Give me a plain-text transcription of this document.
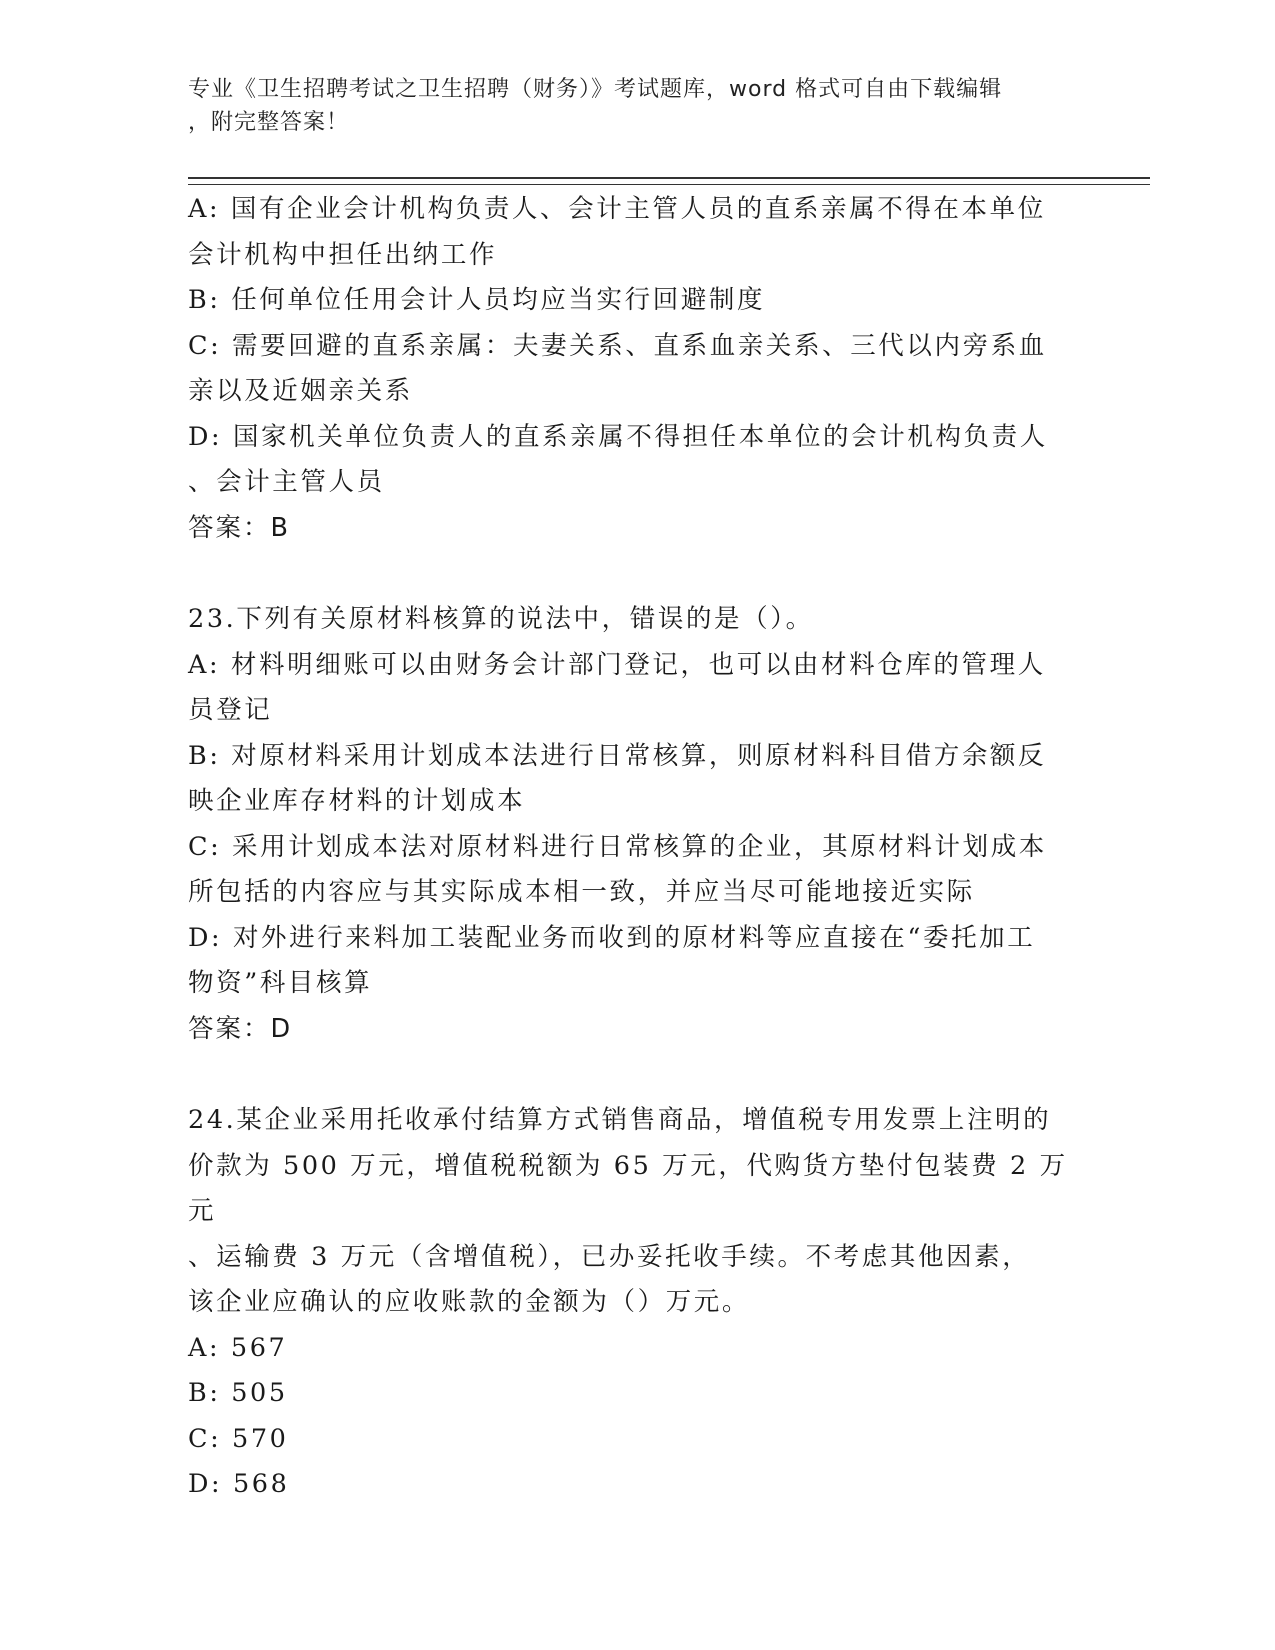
专业《卫生招聘考试之卫生招聘（财务）》考试题库，word 格式可自由下载编辑
，附完整答案！
A: 国有企业会计机构负责人、会计主管人员的直系亲属不得在本单位
会计机构中担任出纳工作
B: 任何单位任用会计人员均应当实行回避制度
C: 需要回避的直系亲属：夫妻关系、直系血亲关系、三代以内旁系血
亲以及近姻亲关系
D: 国家机关单位负责人的直系亲属不得担任本单位的会计机构负责人
、会计主管人员
答案：B
23.下列有关原材料核算的说法中，错误的是（）。
A: 材料明细账可以由财务会计部门登记，也可以由材料仓库的管理人
员登记
B: 对原材料采用计划成本法进行日常核算，则原材料科目借方余额反
映企业库存材料的计划成本
C: 采用计划成本法对原材料进行日常核算的企业，其原材料计划成本
所包括的内容应与其实际成本相一致，并应当尽可能地接近实际
D: 对外进行来料加工装配业务而收到的原材料等应直接在“委托加工
物资”科目核算
答案：D
24.某企业采用托收承付结算方式销售商品，增值税专用发票上注明的
价款为 500 万元，增值税税额为 65 万元，代购货方垫付包装费 2 万元
、运输费 3 万元（含增值税），已办妥托收手续。不考虑其他因素，
该企业应确认的应收账款的金额为（）万元。
A: 567
B: 505
C: 570
D: 568
